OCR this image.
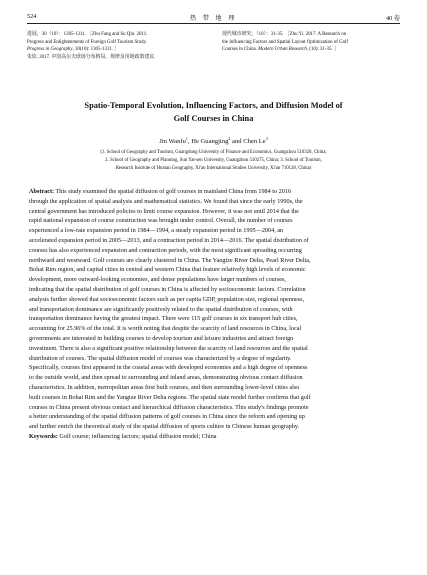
524	热 带 地 理	40 卷
进展，30（10）：1305-1311. ［Zhu Fang and Su Qin. 2011.
Progress and Enlightenments of Foreign Golf Tourism Study.
Progress in Geography, 30(10): 1305-1311. ］
朱钦. 2017. 中国高尔夫球场分布格局、规律及用地政策建议.
现代城市研究，（10）：31-35. ［Zhu Yi. 2017. A Research on
the Influencing Factors and Spatial Layout Optimization of Golf
Courses in China. Modern Urban Research, (10): 31-35. ］
Spatio-Temporal Evolution, Influencing Factors, and Diffusion Model of
Golf Courses in China
Jin Wanfu$^1$, He Guangjing$^2$ and Chen Le$^3$
(1. School of Geography and Tourism, Guangdong University of Finance and Economics, Guangzhou 510320, China;
2. School of Geography and Planning, Sun Yat-sen University, Guangzhou 510275, China; 3. School of Tourism,
Research Institute of Human Geography, Xi'an International Studies University, Xi'an 710128, China)
Abstract: This study examined the spatial diffusion of golf courses in mainland China from 1984 to 2016
through the application of spatial analysis and mathematical statistics. We found that since the early 1990s, the
central government has introduced policies to limit course expansion. However, it was not until 2014 that the
rapid national expansion of course construction was brought under control. Overall, the number of courses
experienced a low-rate expansion period in 1984—1994, a steady expansion period in 1995—2004, an
accelerated expansion period in 2005—2013, and a contraction period in 2014—2016. The spatial distribution of
courses has also experienced expansion and contraction periods, with the most significant spreading occurring
northward and westward. Golf courses are clearly clustered in China. The Yangtze River Delta, Pearl River Delta,
Bohai Rim region, and capital cities in central and western China that feature relatively high levels of economic
development, more outward-looking economies, and dense populations have larger numbers of courses,
indicating that the spatial distribution of golf courses in China is affected by socioeconomic factors. Correlation
analysis further showed that socioeconomic factors such as per capita GDP, population size, regional openness,
and transportation dominance are significantly positively related to the spatial distribution of courses, with
transportation dominance having the greatest impact. There were 115 golf courses in six transport hub cities,
accounting for 25.96% of the total. It is worth noting that despite the scarcity of land resources in China, local
governments are interested in building courses to develop tourism and leisure industries and attract foreign
investment. There is also a significant positive relationship between the scarcity of land resources and the spatial
distribution of courses. The spatial diffusion model of courses was characterized by a degree of regularity.
Specifically, courses first appeared in the coastal areas with developed economies and a high degree of openness
to the outside world, and then spread to surrounding and inland areas, demonstrating obvious contact diffusion
characteristics. In addition, metropolitan areas first built courses, and then surrounding lower-level cities also
built courses in Bohai Rim and the Yangtze River Delta regions. The spatial state model further confirms that golf
courses in China present obvious contact and hierarchical diffusion characteristics. This study's findings promote
a better understanding of the spatial diffusion patterns of golf courses in China since the reform and opening up
and further enrich the theoretical study of the spatial diffusion of sports culture in Chinese human geography.
Keywords: Golf course; influencing factors; spatial diffusion model; China
